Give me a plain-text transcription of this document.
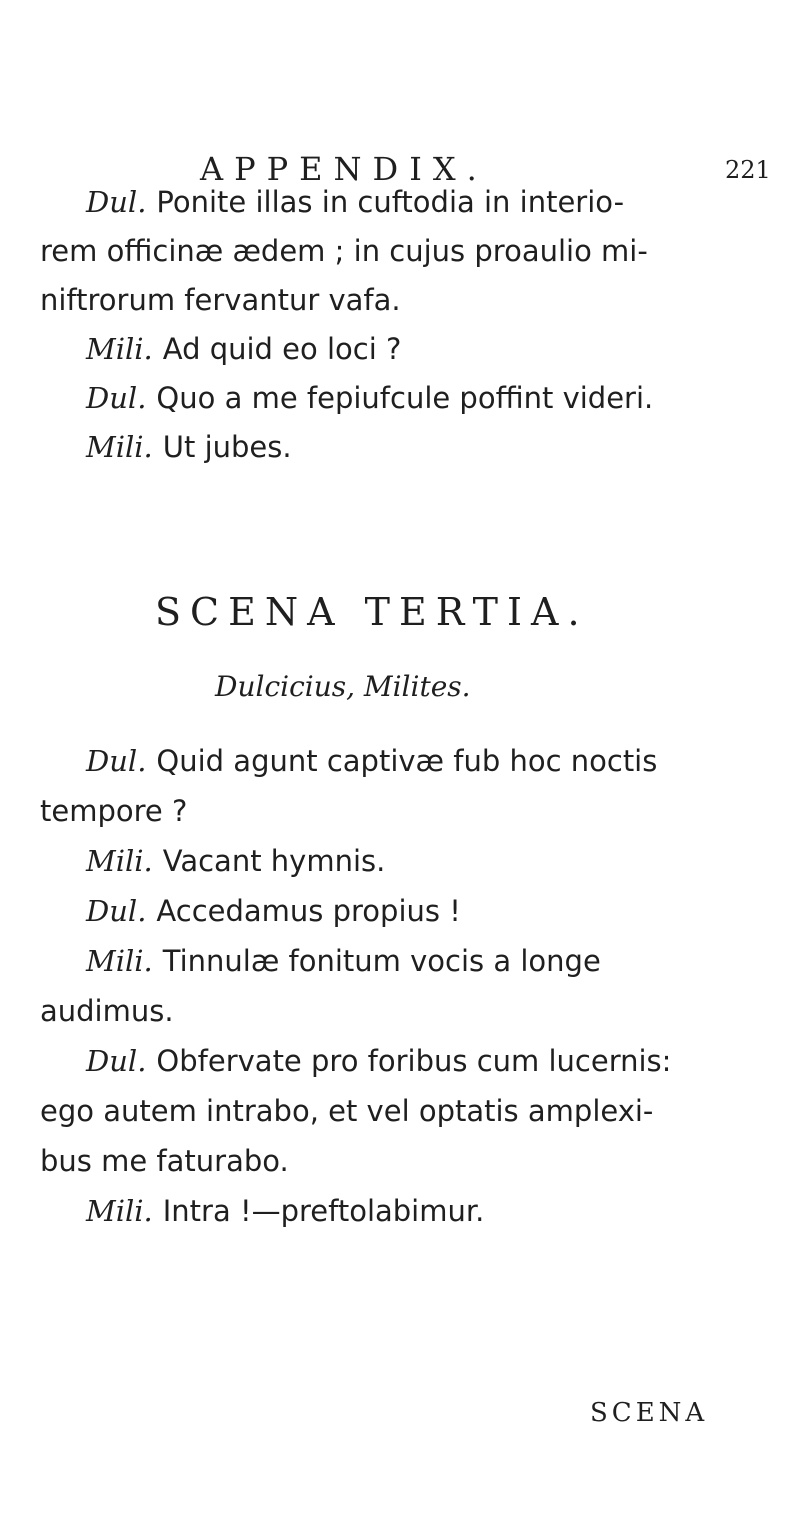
APPENDIX.	221
Dul. Ponite illas in cuftodia in interio-
rem officinæ ædem ; in cujus proaulio mi-
niftrorum fervantur vafa.
Mili. Ad quid eo loci ?
Dul. Quo a me fepiufcule poffint videri.
Mili. Ut jubes.
SCENA TERTIA.
Dulcicius, Milites.
Dul. Quid agunt captivæ fub hoc noctis
tempore ?
Mili. Vacant hymnis.
Dul. Accedamus propius !
Mili. Tinnulæ fonitum vocis a longe
audimus.
Dul. Obfervate pro foribus cum lucernis:
ego autem intrabo, et vel optatis amplexi-
bus me faturabo.
Mili. Intra !—preftolabimur.
SCENA
